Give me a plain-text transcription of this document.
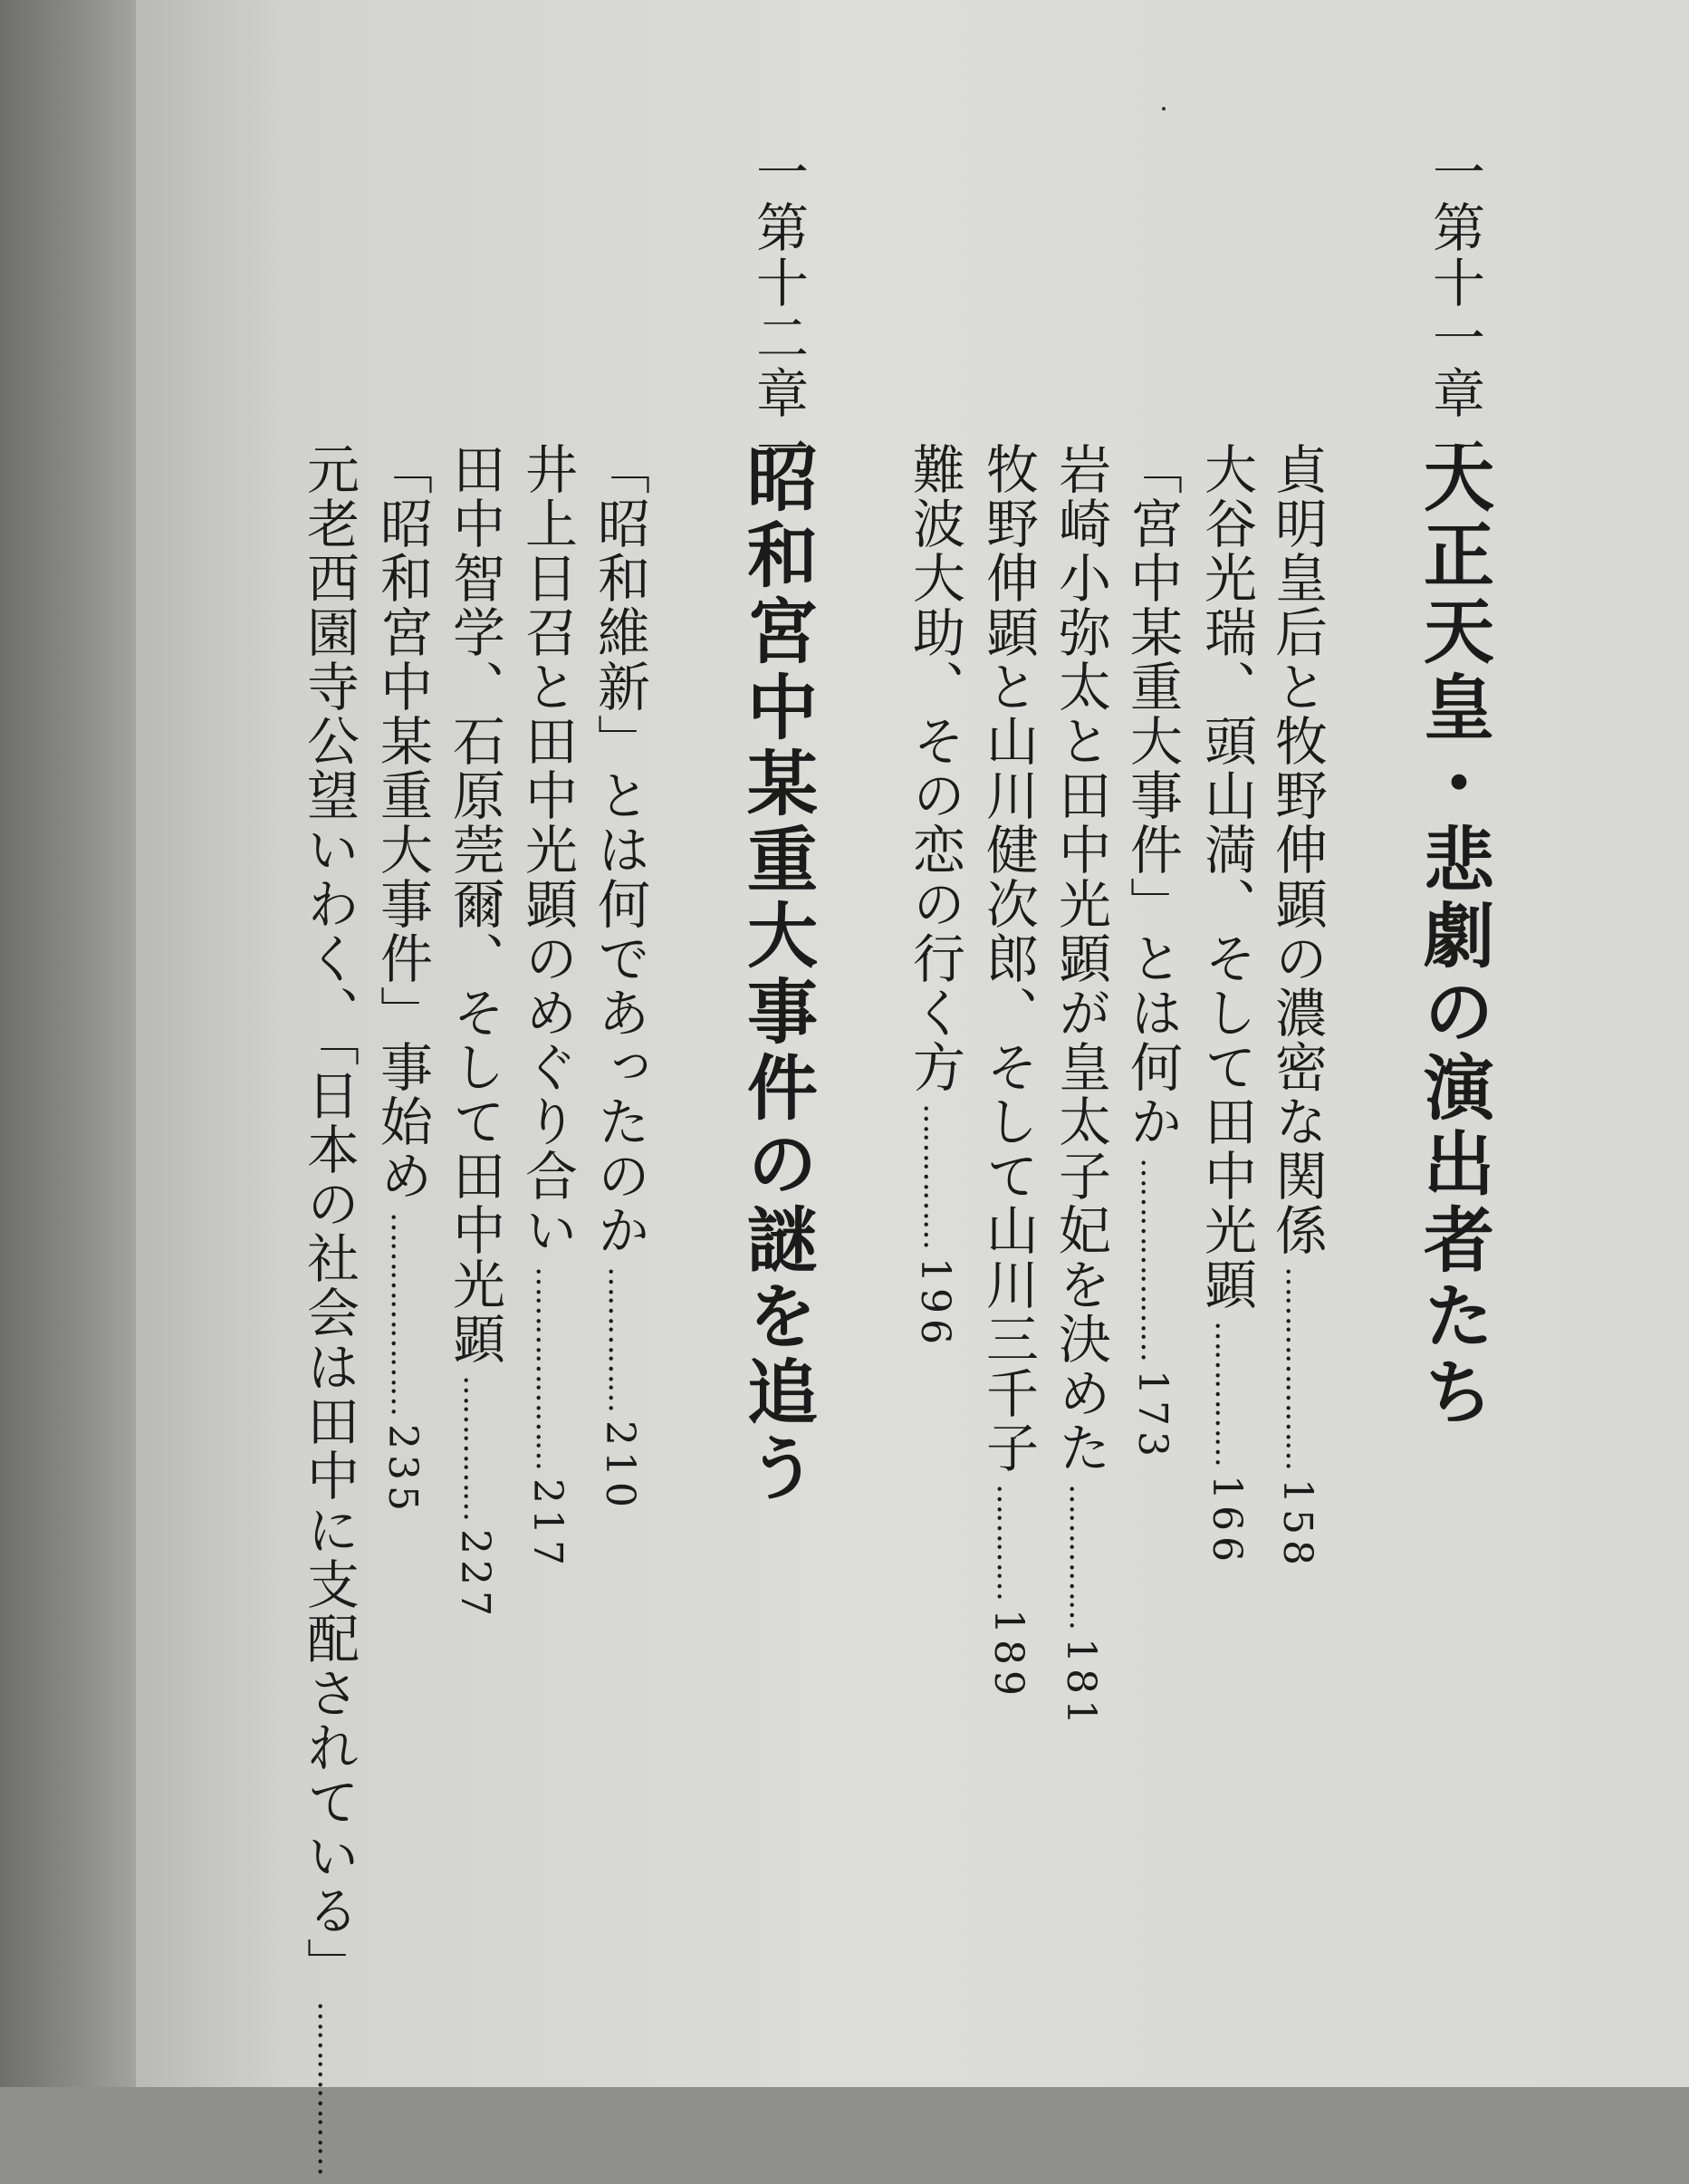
一第十一章一
大正天皇・悲劇の演出者たち
貞明皇后と牧野伸顕の濃密な関係…………………158
大谷光瑞、頭山満、そして田中光顕……………166
「宮中某重大事件」とは何か…………………173
岩崎小弥太と田中光顕が皇太子妃を決めた……………181
牧野伸顕と山川健次郎、そして山川三千子…………189
難波大助、その恋の行く方……………196
一第十二章一
昭和宮中某重大事件の謎を追う
「昭和維新」とは何であったのか……………210
井上日召と田中光顕のめぐり合い…………………217
田中智学、石原莞爾、そして田中光顕……………227
「昭和宮中某重大事件」事始め…………………235
元老西園寺公望いわく、「日本の社会は田中に支配されている」………………
